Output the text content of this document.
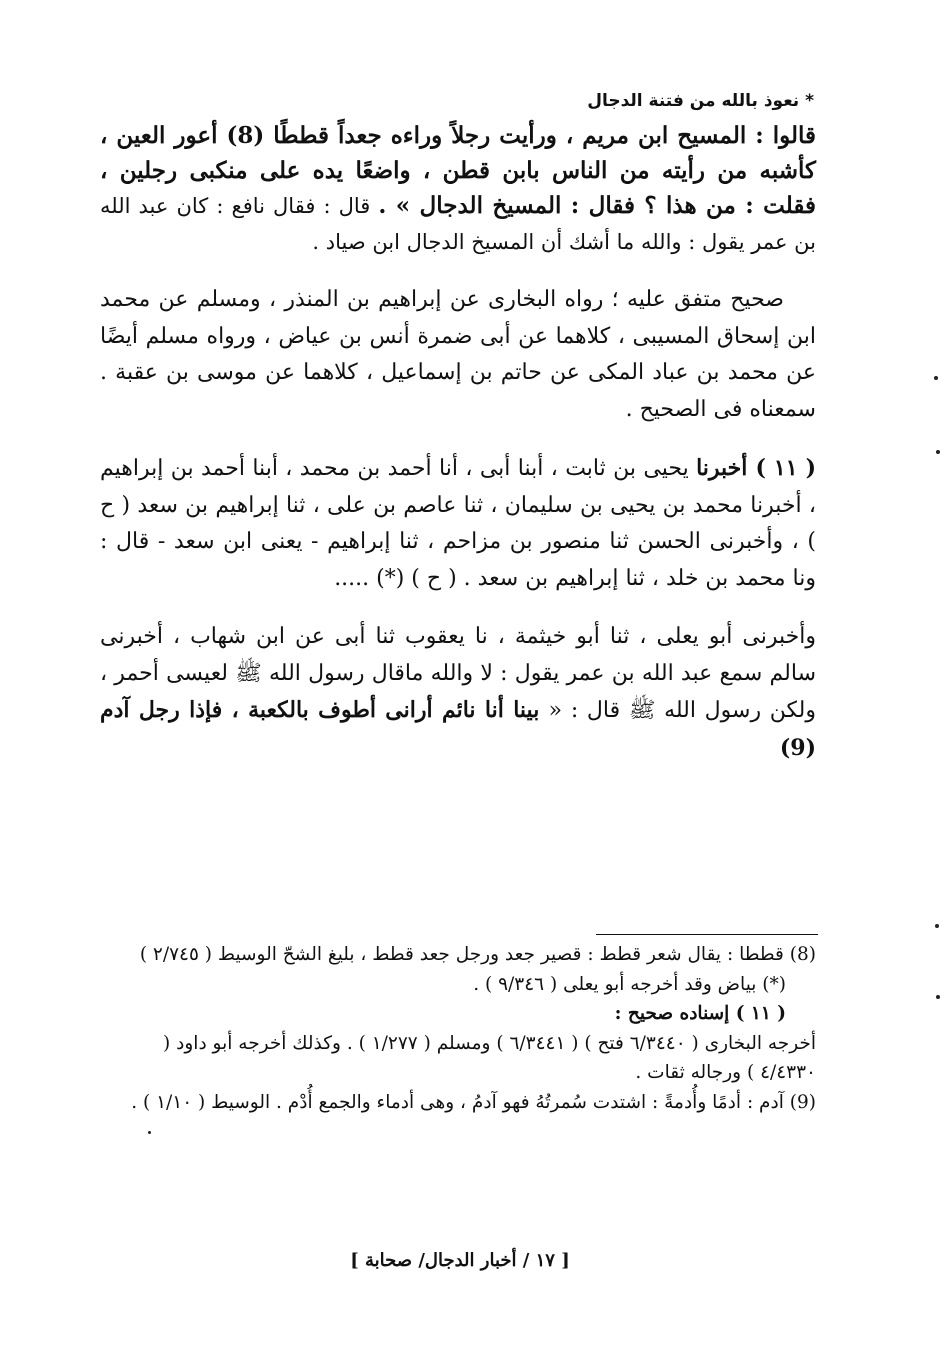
* نعوذ بالله من فتنة الدجال

قالوا : المسيح ابن مريم ، ورأيت رجلاً وراءه جعداً قططًا (8) أعور العين ، كأشبه من رأيته من الناس بابن قطن ، واضعًا يده على منكبى رجلين ، فقلت : من هذا ؟ فقال : المسيخ الدجال » . قال : فقال نافع : كان عبد الله بن عمر يقول : والله ما أشك أن المسيخ الدجال ابن صياد .

صحيح متفق عليه ؛ رواه البخارى عن إبراهيم بن المنذر ، ومسلم عن محمد ابن إسحاق المسيبى ، كلاهما عن أبى ضمرة أنس بن عياض ، ورواه مسلم أيضًا عن محمد بن عباد المكى عن حاتم بن إسماعيل ، كلاهما عن موسى بن عقبة . سمعناه فى الصحيح .

( ١١ ) أخبرنا يحيى بن ثابت ، أبنا أبى ، أنا أحمد بن محمد ، أبنا أحمد بن إبراهيم ، أخبرنا محمد بن يحيى بن سليمان ، ثنا عاصم بن على ، ثنا إبراهيم بن سعد ( ح ) ، وأخبرنى الحسن ثنا منصور بن مزاحم ، ثنا إبراهيم - يعنى ابن سعد - قال : ونا محمد بن خلد ، ثنا إبراهيم بن سعد . ( ح ) (*) .....

وأخبرنى أبو يعلى ، ثنا أبو خيثمة ، نا يعقوب ثنا أبى عن ابن شهاب ، أخبرنى سالم سمع عبد الله بن عمر يقول : لا والله ماقال رسول الله ﷺ لعيسى أحمر ، ولكن رسول الله ﷺ قال : « بينا أنا نائم أرانى أطوف بالكعبة ، فإذا رجل آدم (9)

(8) قططا : يقال شعر قطط : قصير جعد ورجل جعد قطط ، بليغ الشحّ الوسيط ( ٢/٧٤٥ )

(*) بياض وقد أخرجه أبو يعلى ( ٩/٣٤٦ ) .

( ١١ ) إسناده صحيح :

أخرجه البخارى ( ٦/٣٤٤٠ فتح ) ( ٦/٣٤٤١ ) ومسلم ( ١/٢٧٧ ) . وكذلك أخرجه أبو داود ( ٤/٤٣٣٠ ) ورجاله ثقات .

(9) آدم : أدمًا وأُدمةً : اشتدت سُمرتُهُ فهو آدمُ ، وهى أدماء والجمع أُدْم . الوسيط ( ١/١٠ ) .

[ ١٧ / أخبار الدجال/ صحابة ]
